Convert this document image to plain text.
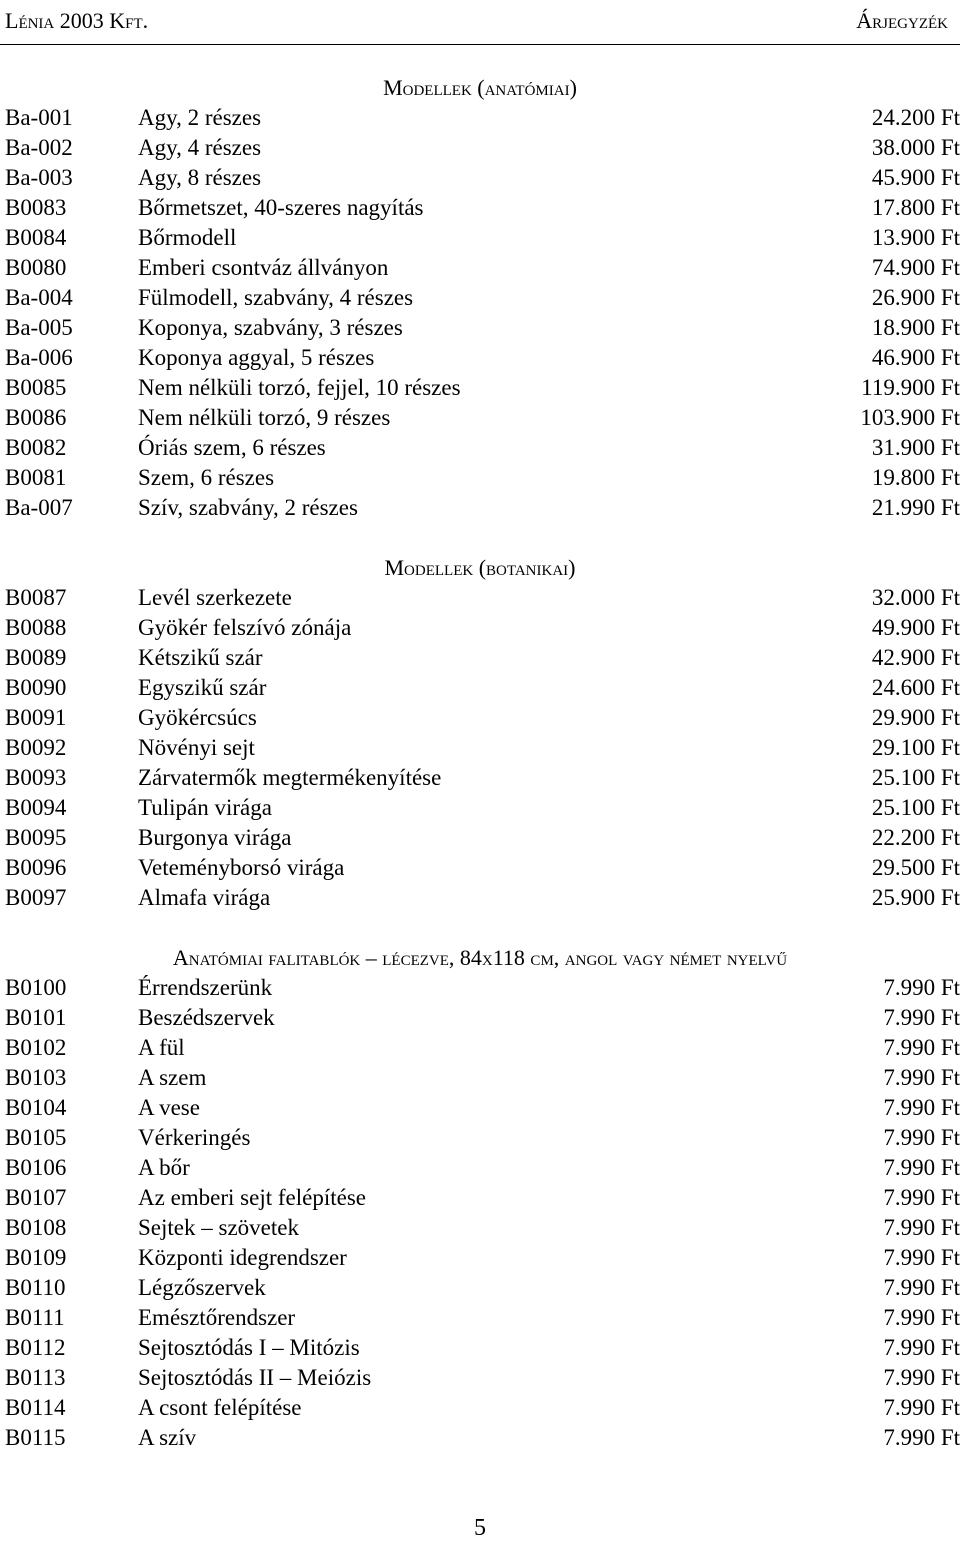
Lénia 2003 Kft.	Árjegyzék
Modellek (anatómiai)
Ba-001	Agy, 2 részes	24.200 Ft
Ba-002	Agy, 4 részes	38.000 Ft
Ba-003	Agy, 8 részes	45.900 Ft
B0083	Bőrmetszet, 40-szeres nagyítás	17.800 Ft
B0084	Bőrmodell	13.900 Ft
B0080	Emberi csontváz állványon	74.900 Ft
Ba-004	Fülmodell, szabvány, 4 részes	26.900 Ft
Ba-005	Koponya, szabvány, 3 részes	18.900 Ft
Ba-006	Koponya aggyal, 5 részes	46.900 Ft
B0085	Nem nélküli torzó, fejjel, 10 részes	119.900 Ft
B0086	Nem nélküli torzó, 9 részes	103.900 Ft
B0082	Óriás szem, 6 részes	31.900 Ft
B0081	Szem, 6 részes	19.800 Ft
Ba-007	Szív, szabvány, 2 részes	21.990 Ft
Modellek (botanikai)
B0087	Levél szerkezete	32.000 Ft
B0088	Gyökér felszívó zónája	49.900 Ft
B0089	Kétszikű szár	42.900 Ft
B0090	Egyszikű szár	24.600 Ft
B0091	Gyökércsúcs	29.900 Ft
B0092	Növényi sejt	29.100 Ft
B0093	Zárvatermők megtermékenyítése	25.100 Ft
B0094	Tulipán virága	25.100 Ft
B0095	Burgonya virága	22.200 Ft
B0096	Veteményborsó virága	29.500 Ft
B0097	Almafa virága	25.900 Ft
Anatómiai falitablók – lécezve, 84x118 cm, angol vagy német nyelvű
B0100	Érrendszerünk	7.990 Ft
B0101	Beszédszervek	7.990 Ft
B0102	A fül	7.990 Ft
B0103	A szem	7.990 Ft
B0104	A vese	7.990 Ft
B0105	Vérkeringés	7.990 Ft
B0106	A bőr	7.990 Ft
B0107	Az emberi sejt felépítése	7.990 Ft
B0108	Sejtek – szövetek	7.990 Ft
B0109	Központi idegrendszer	7.990 Ft
B0110	Légzőszervek	7.990 Ft
B0111	Emésztőrendszer	7.990 Ft
B0112	Sejtosztódás I – Mitózis	7.990 Ft
B0113	Sejtosztódás II – Meiózis	7.990 Ft
B0114	A csont felépítése	7.990 Ft
B0115	A szív	7.990 Ft
5
